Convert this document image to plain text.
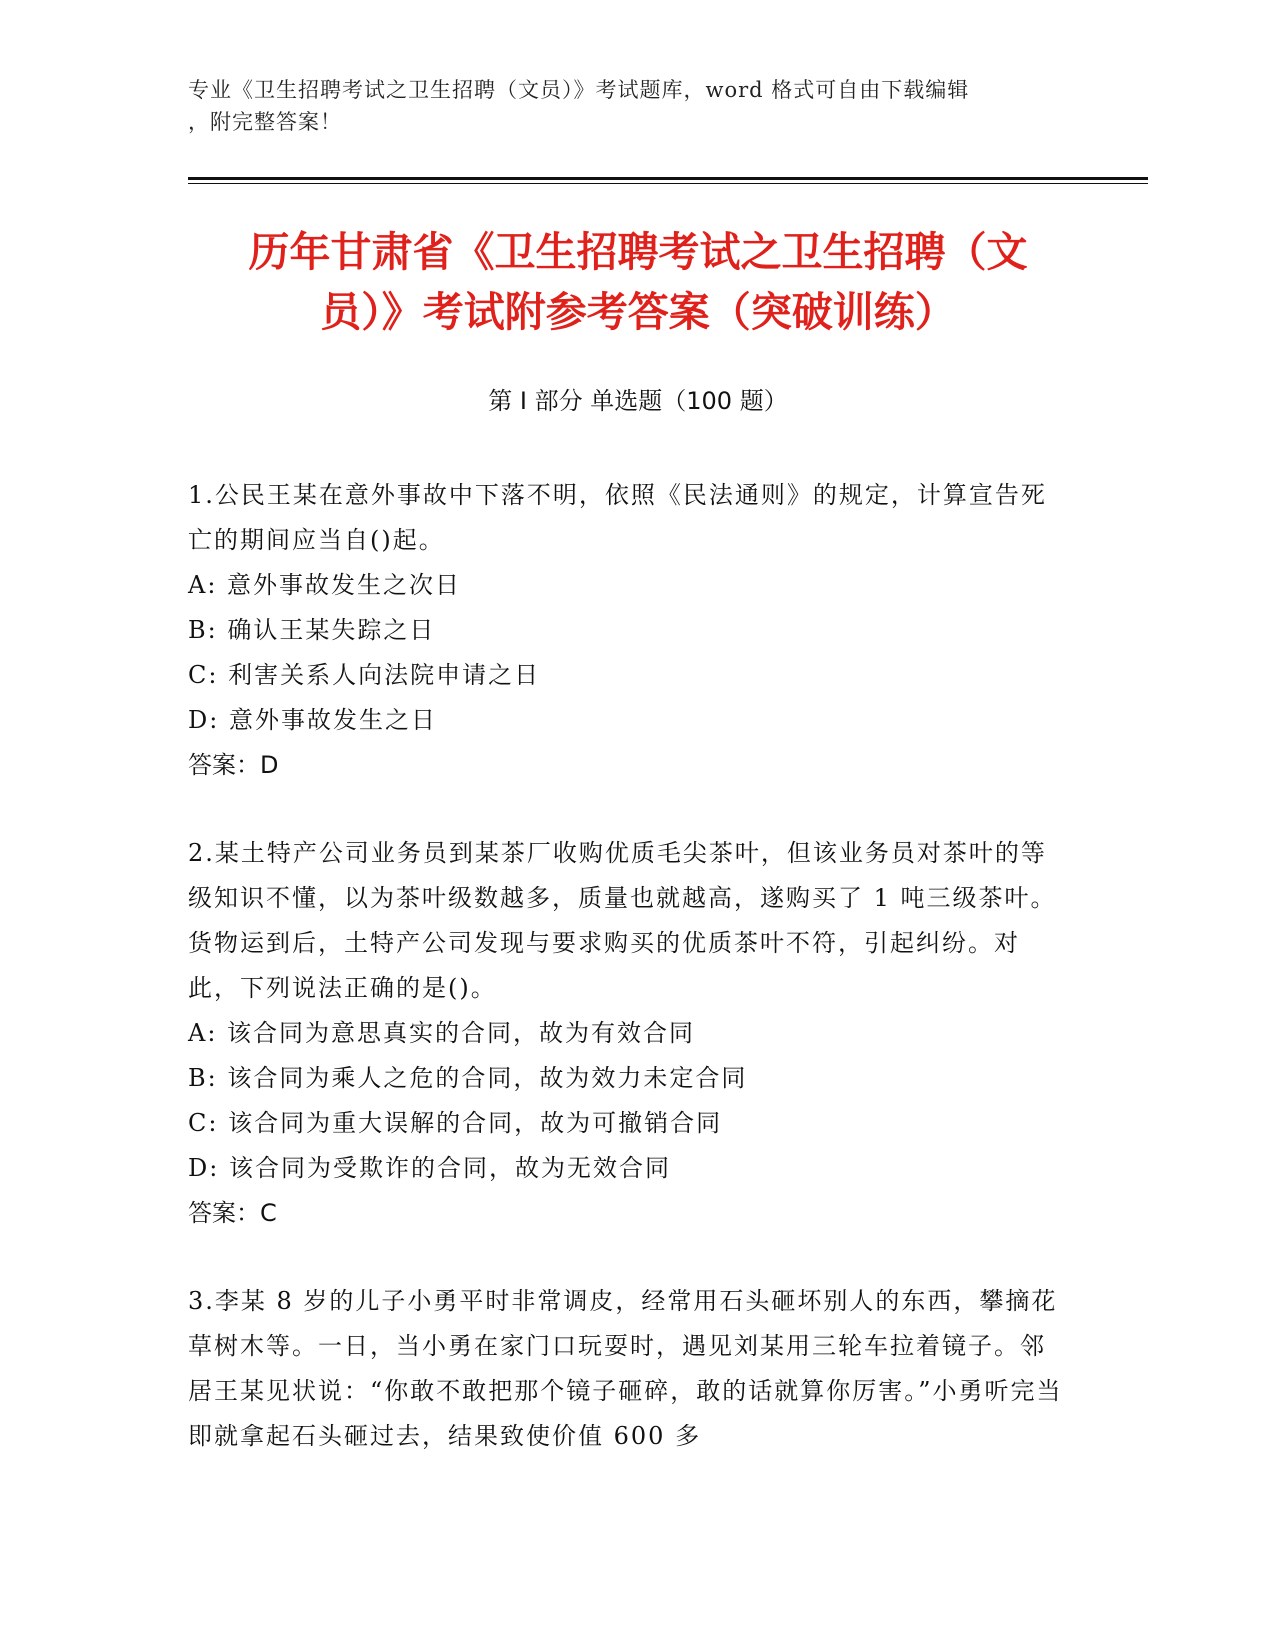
专业《卫生招聘考试之卫生招聘（文员）》考试题库，word 格式可自由下载编辑
，附完整答案！
历年甘肃省《卫生招聘考试之卫生招聘（文
员）》考试附参考答案（突破训练）
第 I 部分 单选题（100 题）

1.公民王某在意外事故中下落不明，依照《民法通则》的规定，计算宣告死亡的期间应当自()起。

A: 意外事故发生之次日

B: 确认王某失踪之日

C: 利害关系人向法院申请之日

D: 意外事故发生之日

答案：D

2.某土特产公司业务员到某茶厂收购优质毛尖茶叶，但该业务员对茶叶的等级知识不懂，以为茶叶级数越多，质量也就越高，遂购买了 1 吨三级茶叶。货物运到后，土特产公司发现与要求购买的优质茶叶不符，引起纠纷。对此，下列说法正确的是()。

A: 该合同为意思真实的合同，故为有效合同

B: 该合同为乘人之危的合同，故为效力未定合同

C: 该合同为重大误解的合同，故为可撤销合同

D: 该合同为受欺诈的合同，故为无效合同

答案：C

3.李某 8 岁的儿子小勇平时非常调皮，经常用石头砸坏别人的东西，攀摘花草树木等。一日，当小勇在家门口玩耍时，遇见刘某用三轮车拉着镜子。邻居王某见状说：“你敢不敢把那个镜子砸碎，敢的话就算你厉害。”小勇听完当即就拿起石头砸过去，结果致使价值 600 多
